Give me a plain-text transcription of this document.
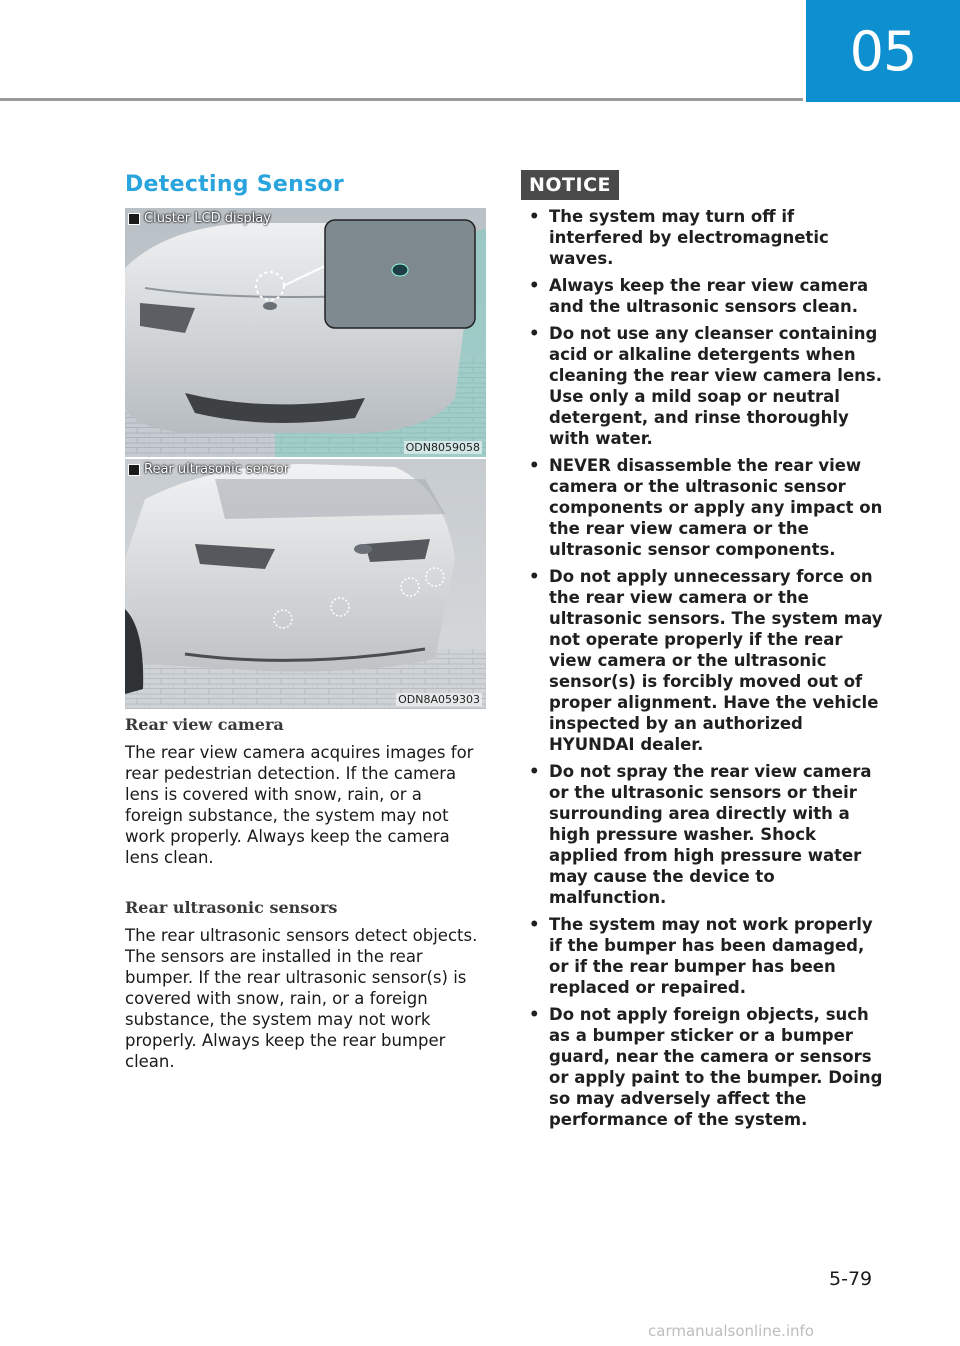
05
Detecting Sensor
Cluster LCD display
ODN8059058
Rear ultrasonic sensor
ODN8A059303
Rear view camera
The rear view camera acquires images for rear pedestrian detection. If the camera lens is covered with snow, rain, or a foreign substance, the system may not work properly. Always keep the camera lens clean.
Rear ultrasonic sensors
The rear ultrasonic sensors detect objects. The sensors are installed in the rear bumper. If the rear ultrasonic sensor(s) is covered with snow, rain, or a foreign substance, the system may not work properly. Always keep the rear bumper clean.
NOTICE
• The system may turn off if interfered by electromagnetic waves.
• Always keep the rear view camera and the ultrasonic sensors clean.
• Do not use any cleanser containing acid or alkaline detergents when cleaning the rear view camera lens. Use only a mild soap or neutral detergent, and rinse thoroughly with water.
• NEVER disassemble the rear view camera or the ultrasonic sensor components or apply any impact on the rear view camera or the ultrasonic sensor components.
• Do not apply unnecessary force on the rear view camera or the ultrasonic sensors. The system may not operate properly if the rear view camera or the ultrasonic sensor(s) is forcibly moved out of proper alignment. Have the vehicle inspected by an authorized HYUNDAI dealer.
• Do not spray the rear view camera or the ultrasonic sensors or their surrounding area directly with a high pressure washer. Shock applied from high pressure water may cause the device to malfunction.
• The system may not work properly if the bumper has been damaged, or if the rear bumper has been replaced or repaired.
• Do not apply foreign objects, such as a bumper sticker or a bumper guard, near the camera or sensors or apply paint to the bumper. Doing so may adversely affect the performance of the system.
5-79
carmanualsonline.info
